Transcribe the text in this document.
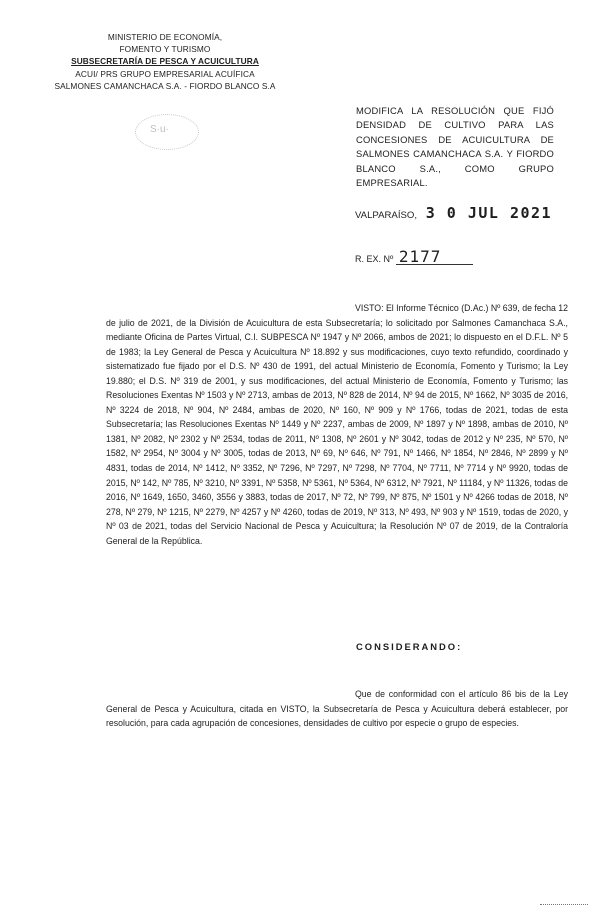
MINISTERIO DE ECONOMÍA,
FOMENTO Y TURISMO
SUBSECRETARÍA DE PESCA Y ACUICULTURA
ACUI/ PRS GRUPO EMPRESARIAL ACUÍFICA
SALMONES CAMANCHACA S.A. - FIORDO BLANCO S.A
S·u·
MODIFICA LA RESOLUCIÓN QUE FIJÓ DENSIDAD DE CULTIVO PARA LAS CONCESIONES DE ACUICULTURA DE SALMONES CAMANCHACA S.A. Y FIORDO BLANCO S.A., COMO GRUPO EMPRESARIAL.
VALPARAÍSO, 3 0 JUL 2021
R. EX. Nº 2177

VISTO: El Informe Técnico (D.Ac.) Nº 639, de fecha 12 de julio de 2021, de la División de Acuicultura de esta Subsecretaría; lo solicitado por Salmones Camanchaca S.A., mediante Oficina de Partes Virtual, C.I. SUBPESCA Nº 1947 y Nº 2066, ambos de 2021; lo dispuesto en el D.F.L. Nº 5 de 1983; la Ley General de Pesca y Acuicultura Nº 18.892 y sus modificaciones, cuyo texto refundido, coordinado y sistematizado fue fijado por el D.S. Nº 430 de 1991, del actual Ministerio de Economía, Fomento y Turismo; la Ley 19.880; el D.S. Nº 319 de 2001, y sus modificaciones, del actual Ministerio de Economía, Fomento y Turismo; las Resoluciones Exentas Nº 1503 y Nº 2713, ambas de 2013, Nº 828 de 2014, Nº 94 de 2015, Nº 1662, Nº 3035 de 2016, Nº 3224 de 2018, Nº 904, Nº 2484, ambas de 2020, Nº 160, Nº 909 y Nº 1766, todas de 2021, todas de esta Subsecretaría; las Resoluciones Exentas Nº 1449 y Nº 2237, ambas de 2009, Nº 1897 y Nº 1898, ambas de 2010, Nº 1381, Nº 2082, Nº 2302 y Nº 2534, todas de 2011, Nº 1308, Nº 2601 y Nº 3042, todas de 2012 y Nº 235, Nº 570, Nº 1582, Nº 2954, Nº 3004 y Nº 3005, todas de 2013, Nº 69, Nº 646, Nº 791, Nº 1466, Nº 1854, Nº 2846, Nº 2899 y Nº 4831, todas de 2014, Nº 1412, Nº 3352, Nº 7296, Nº 7297, Nº 7298, Nº 7704, Nº 7711, Nº 7714 y Nº 9920, todas de 2015, Nº 142, Nº 785, Nº 3210, Nº 3391, Nº 5358, Nº 5361, Nº 5364, Nº 6312, Nº 7921, Nº 11184, y Nº 11326, todas de 2016, Nº 1649, 1650, 3460, 3556 y 3883, todas de 2017, Nº 72, Nº 799, Nº 875, Nº 1501 y Nº 4266 todas de 2018, Nº 278, Nº 279, Nº 1215, Nº 2279, Nº 4257 y Nº 4260, todas de 2019, Nº 313, Nº 493, Nº 903 y Nº 1519, todas de 2020, y Nº 03 de 2021, todas del Servicio Nacional de Pesca y Acuicultura; la Resolución Nº 07 de 2019, de la Contraloría General de la República.

CONSIDERANDO:

Que de conformidad con el artículo 86 bis de la Ley General de Pesca y Acuicultura, citada en VISTO, la Subsecretaría de Pesca y Acuicultura deberá establecer, por resolución, para cada agrupación de concesiones, densidades de cultivo por especie o grupo de especies.
